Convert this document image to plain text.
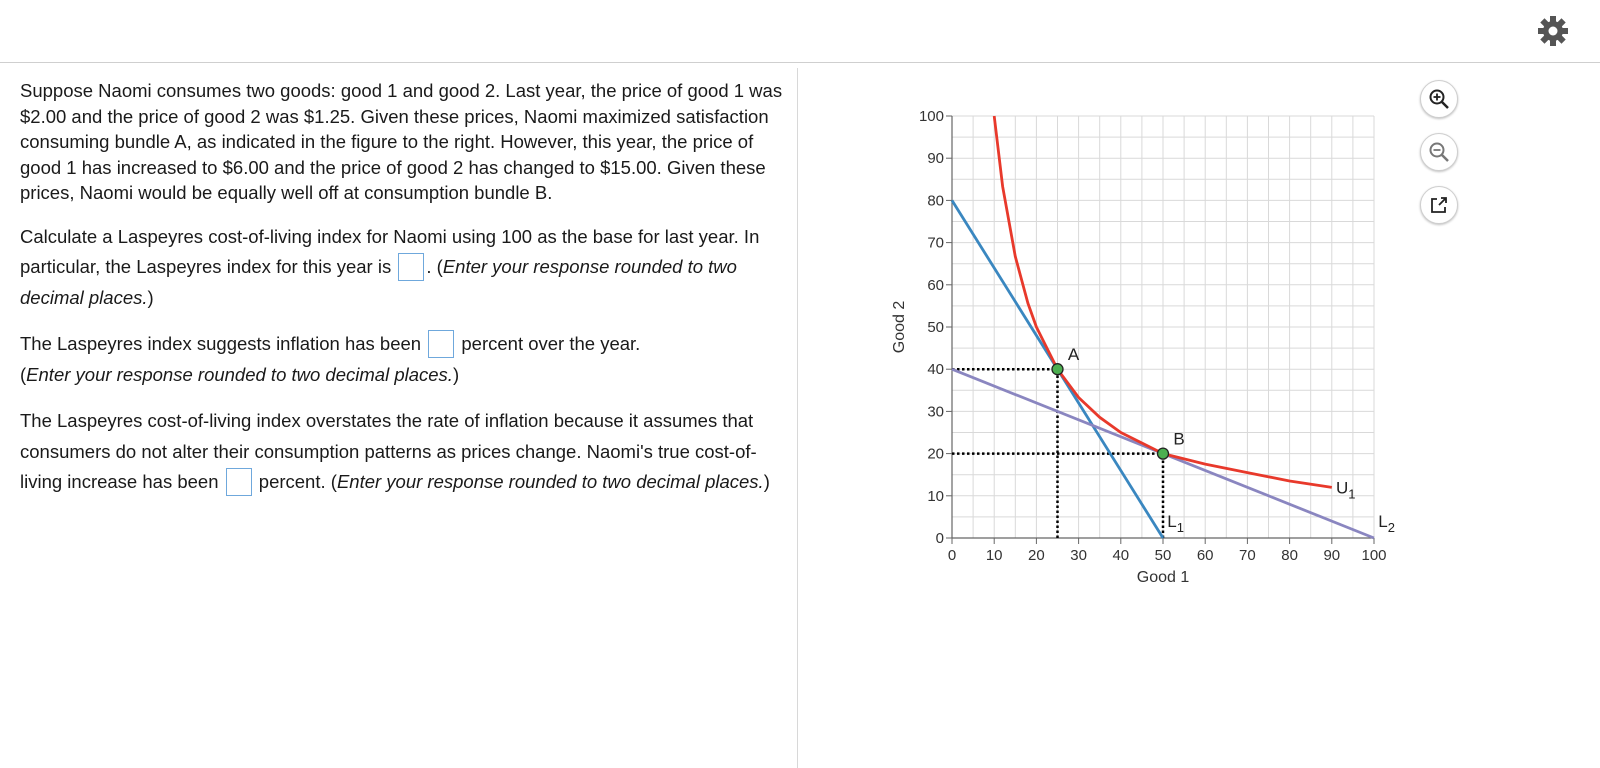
Suppose Naomi consumes two goods: good 1 and good 2. Last year, the price of good 1 was $2.00 and the price of good 2 was $1.25. Given these prices, Naomi maximized satisfaction consuming bundle A, as indicated in the figure to the right. However, this year, the price of good 1 has increased to $6.00 and the price of good 2 has changed to $15.00. Given these prices, Naomi would be equally well off at consumption bundle B.

Calculate a Laspeyres cost-of-living index for Naomi using 100 as the base for last year. In particular, the Laspeyres index for this year is . (Enter your response rounded to two decimal places.)

The Laspeyres index suggests inflation has been percent over the year.
(Enter your response rounded to two decimal places.)

The Laspeyres cost-of-living index overstates the rate of inflation because it assumes that consumers do not alter their consumption patterns as prices change. Naomi's true cost-of-living increase has been percent. (Enter your response rounded to two decimal places.)

0 10 20 30 40 50 60 70 80 90 100
0
10
20
30
40
50
60
70
80
90
100
A
B
$U_1$
$L_1$	$L_2$
Good 1
Good 2
